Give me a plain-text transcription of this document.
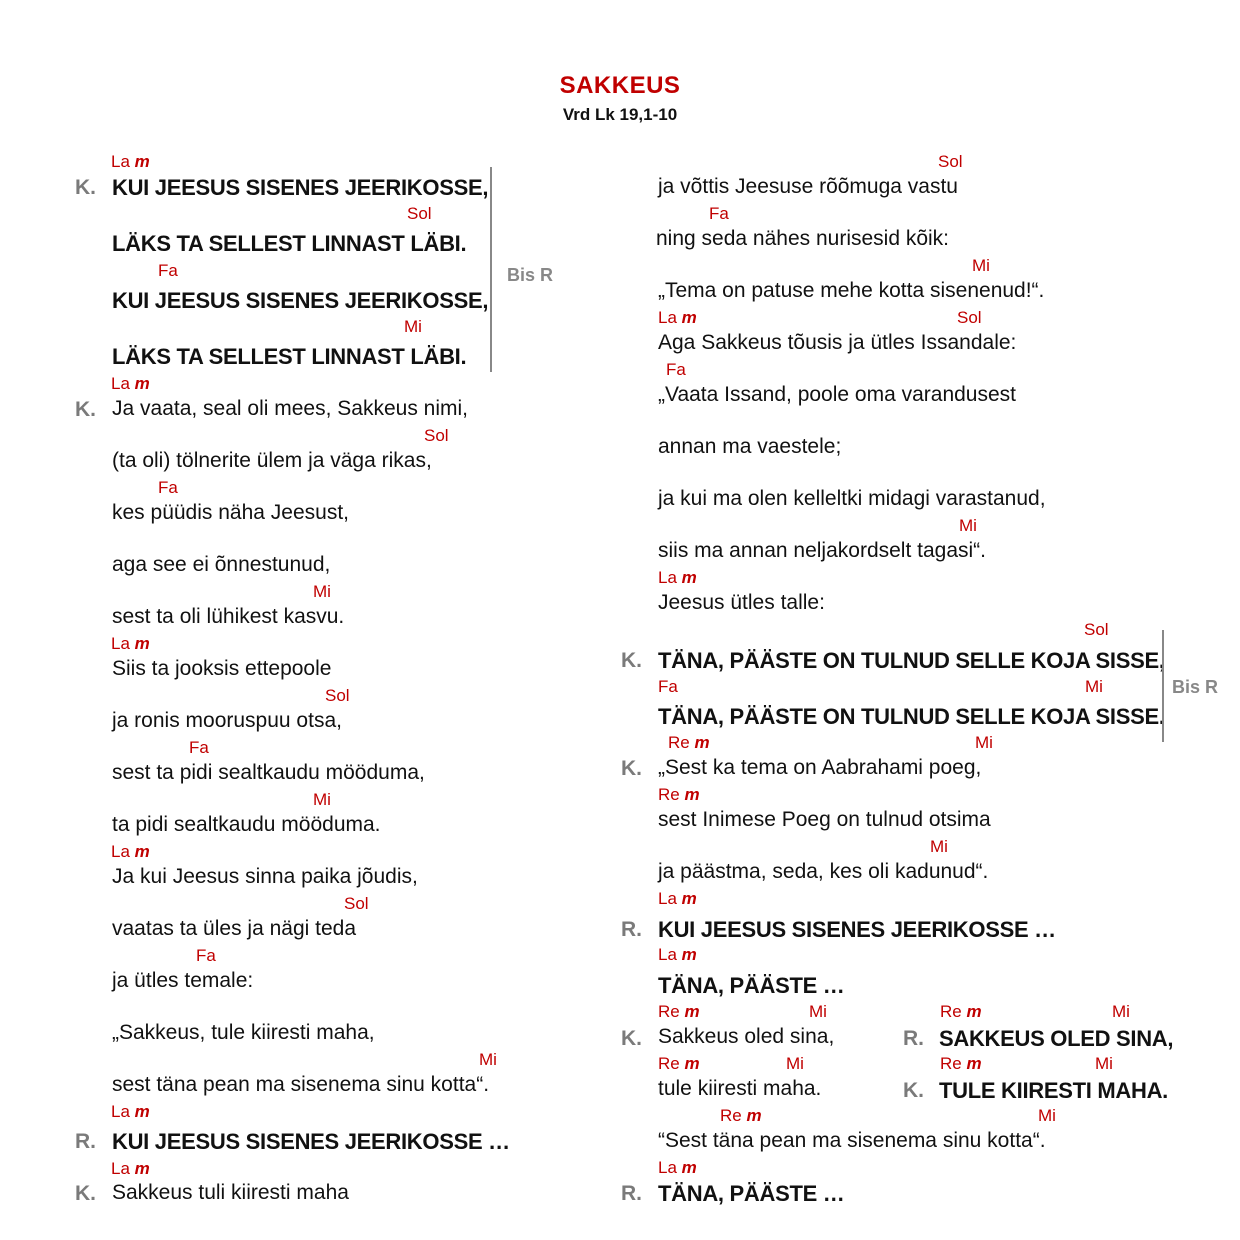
SAKKEUS
Vrd Lk 19,1-10
La m
K. KUI JEESUS SISENES JEERIKOSSE,
Sol
LÄKS TA SELLEST LINNAST LÄBI.
Fa
KUI JEESUS SISENES JEERIKOSSE,
Mi
LÄKS TA SELLEST LINNAST LÄBI.
Bis R
La m
K. Ja vaata, seal oli mees, Sakkeus nimi,
Sol
(ta oli) tölnerite ülem ja väga rikas,
Fa
kes püüdis näha Jeesust,
aga see ei õnnestunud,
Mi
sest ta oli lühikest kasvu.
La m
Siis ta jooksis ettepoole
Sol
ja ronis mooruspuu otsa,
Fa
sest ta pidi sealtkaudu mööduma,
Mi
ta pidi sealtkaudu mööduma.
La m
Ja kui Jeesus sinna paika jõudis,
Sol
vaatas ta üles ja nägi teda
Fa
ja ütles temale:
„Sakkeus, tule kiiresti maha,
Mi
sest täna pean ma sisenema sinu kotta“.
La m
R. KUI JEESUS SISENES JEERIKOSSE …
La m
K. Sakkeus tuli kiiresti maha
Sol
ja võttis Jeesuse rõõmuga vastu
Fa
ning seda nähes nurisesid kõik:
Mi
„Tema on patuse mehe kotta sisenenud!“.
La m	Sol
Aga Sakkeus tõusis ja ütles Issandale:
Fa
„Vaata Issand, poole oma varandusest
annan ma vaestele;
ja kui ma olen kelleltki midagi varastanud,
Mi
siis ma annan neljakordselt tagasi“.
La m
Jeesus ütles talle:
Sol
K. TÄNA, PÄÄSTE ON TULNUD SELLE KOJA SISSE,
Fa	Mi
TÄNA, PÄÄSTE ON TULNUD SELLE KOJA SISSE.
Bis R
Re m	Mi
K. „Sest ka tema on Aabrahami poeg,
Re m
sest Inimese Poeg on tulnud otsima
Mi
ja päästma, seda, kes oli kadunud“.
La m
R. KUI JEESUS SISENES JEERIKOSSE …
La m
TÄNA, PÄÄSTE …
Re m	Mi	Re m	Mi
K. Sakkeus oled sina,	R. SAKKEUS OLED SINA,
Re m	Mi	Re m	Mi
tule kiiresti maha.	K. TULE KIIRESTI MAHA.
Re m	Mi
“Sest täna pean ma sisenema sinu kotta“.
La m
R. TÄNA, PÄÄSTE …
